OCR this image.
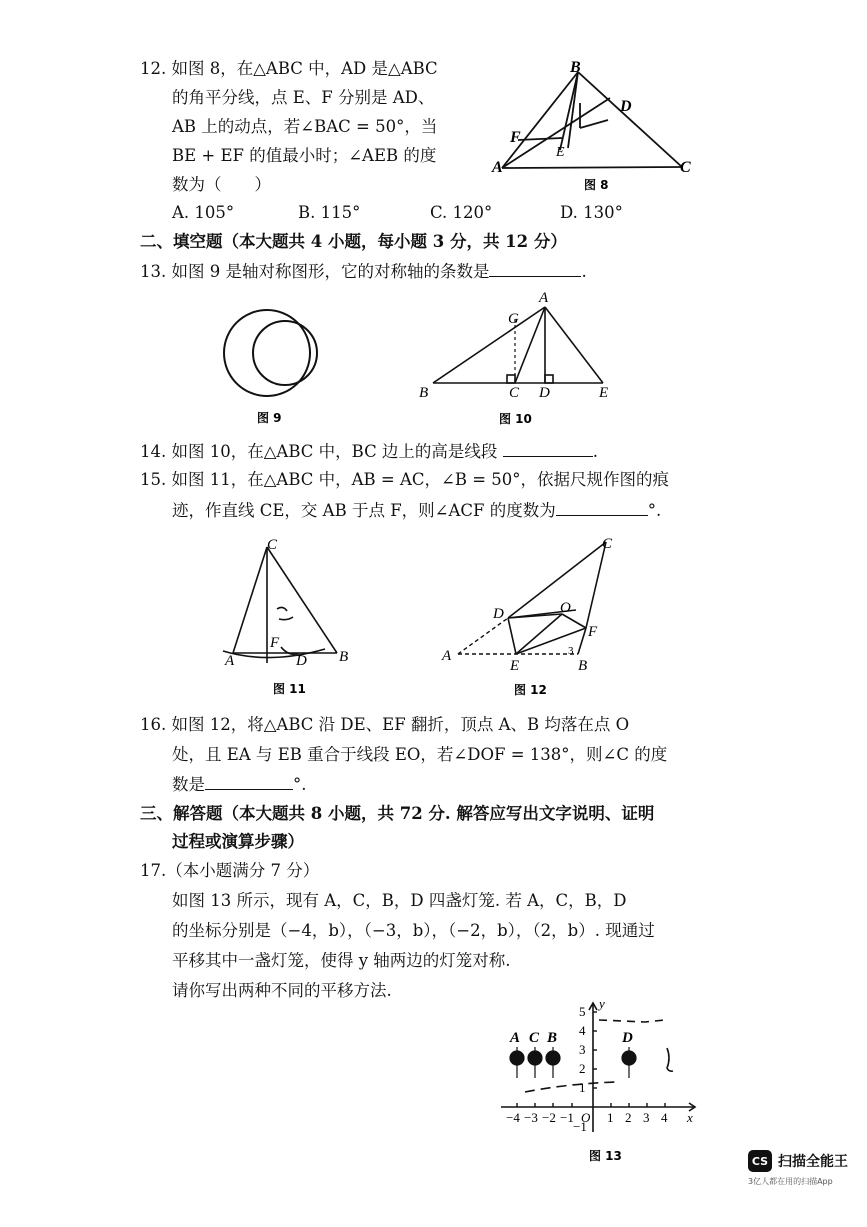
12. 如图 8，在△ABC 中，AD 是△ABC
的角平分线，点 E、F 分别是 AD、
AB 上的动点，若∠BAC = 50°，当
BE + EF 的值最小时；∠AEB 的度
数为（　　）
A. 105°	B. 115°	C. 120°	D. 130°
B
D
F
E
A	C
图 8
二、填空题（本大题共 4 小题，每小题 3 分，共 12 分）
13. 如图 9 是轴对称图形，它的对称轴的条数是	.
图 9
A
G
B	C D	E
图 10
14. 如图 10，在△ABC 中，BC 边上的高是线段	.
15. 如图 11，在△ABC 中，AB = AC，∠B = 50°，依据尺规作图的痕
迹，作直线 CE，交 AB 于点 F，则∠ACF 的度数为	°.
C
F
A	D B
图 11
C
D	O
F
A
E	B
3
图 12
16. 如图 12，将△ABC 沿 DE、EF 翻折，顶点 A、B 均落在点 O
处，且 EA 与 EB 重合于线段 EO，若∠DOF = 138°，则∠C 的度
数是	°.
三、解答题（本大题共 8 小题，共 72 分. 解答应写出文字说明、证明
过程或演算步骤）
17.（本小题满分 7 分）
如图 13 所示，现有 A，C，B，D 四盏灯笼. 若 A，C，B，D
的坐标分别是（−4，b），（−3，b），（−2，b），（2，b）. 现通过
平移其中一盏灯笼，使得 y 轴两边的灯笼对称.
请你写出两种不同的平移方法.
A C B	D
−4 −3 −2 −1 O 1 2 3 4 x
y
5
4
3
2
1
−1
图 13	CS 扫描全能王
3亿人都在用的扫描App
